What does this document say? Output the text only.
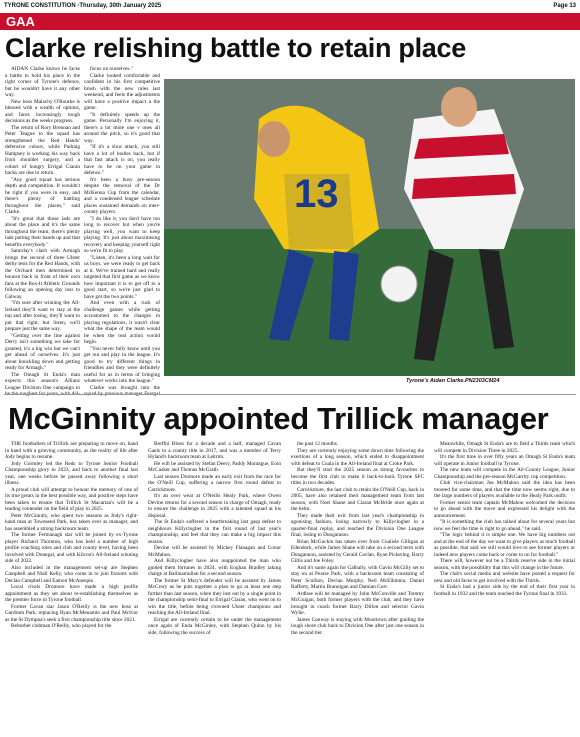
TYRONE CONSTITUTION -Thursday, 30th January 2025	Page 13
GAA
Clarke relishing battle to retain place

AIDAN Clarke knows he faces a battle to hold his place in the right corner of Tyrone's defence, but he wouldn't have it any other way.

New boss Malachy O'Rourke is blessed with a wealth of options, and faces increasingly tough decisions as the weeks progress.

The return of Rory Brennan and Peter Teague to the squad has strengthened the Red Hands' defensive cohort, while Padraig Hampsey is working his way back from shoulder surgery, and a cohort of hungry Errigal Ciaran backs are due to return.

"Any good squad has serious depth and competition. It wouldn't be right if you were in easy, and there's plenty of battling throughout the places," said Clarke.

"It's great that those lads are about the place and it's the same throughout the team, there's plenty lads putting their hands up and that benefits everybody."

Saturday's clash with Armagh brings the second of three Ulster derby tests for the Red Hands, with the Orchard men determined to bounce back in front of their own fans at the Box-It Athletic Grounds following an opening day loss to Galway.

"I'm sure after winning the All-Ireland they'll want to stay at the top and after losing, they'll want to put that right, but listen, we'll prepare just the same way.

"Getting over the line against Derry isn't something we take for granted, it's a big win but we can't get ahead of ourselves. It's just about knuckling down and getting ready for Armagh."

The Omagh St Enda's man expects this season's Allianz League Division One campaign to

focus on ourselves."

Clarke looked comfortable and confident in his first competitive brush with the new rules last weekend, and feels the adjustments will have a positive impact a the game.

"It definitely speeds up the game. Personally I'm enjoying it, there's a lot more one v ones all around the pitch, so it's good that way.

"If it's a slow attack, you still have a lot of bodies back, but if that fast attack is on, you really have to be on your game in defence."

It's been a busy pre-season despite the removal of the Dr McKenna Cup from the calendar, and a condensed league schedule places sustained demands on inter-county players.

"I do like it, you don't have too long to recover but when you're playing well, you want to keep playing. It's just about maximising recovery and keeping yourself right so we're fit to play.

"Listen, it's been a long wait for us boys, we were ready to get back at it. We've trained hard and really targeted that first game as we know how important it is to get off to a good start, so we're just glad to have got the two points."

And even with a rush of challenge games while getting accustomed to the changes in playing regulations, it wasn't clear what the shape of the team would be when the real action would begin.

"You never fully know until you get out and play in the league. It's good to try different things in friendlies and they were definitely useful for us in terms of bringing whatever works into the league."

Clarke was brought into the

13
Tyrone's Aidan Clarke.PN2303CM24
McGinnity appointed Trillick manager

THE footballers of Trillick are preparing to move on, hand in hand with a grieving community, as the reality of life after Jody begins to resume.

Jody Gormley led the Reds to Tyrone Senior Football Championship glory in 2023, and back to another final last year, one weeks before he passed away following a short illness.

A proud club will attempt to honour the memory of one of its true greats in the best possible way, and positive steps have been taken to ensure that Trillick St Macartan's will be a leading contender on the field of play in 2025.

Peter McGinnity, who spent two seasons as Jody's right-hand man at Townsend Park, has taken over as manager, and has assembled a strong backroom team.

The former Fermanagh star will be joined by ex-Tyrone player Richard Thornton, who has held a number of high profile coaching roles and club and county level, having been involved with Donegal, and with Kilcoo's All-Ireland winning side of 2022.

Also included in the management set-up are Stephen Campbell and Niall Kelly, who come in to join fixtures with Declan Campbell and Eamon McAnespie.

Local rivals Dromore have made a high profile appointment as they set about re-establishing themselves as the premier force in Tyrone football.

Former Cavan star Jason O'Reilly is the new boss at Gardrum Park, replacing Ryan McMenamin and Paul McIvor as the St Dympna's seek a first championship title since 2021.

Belturbet clubman O'Reilly, who played for the

Breffni Blues for a decade and a half, managed Cavan Gaels to a county title in 2017, and was a member of Terry Hyland's backroom team at Leitrim.

He will be assisted by Stefan Deery, Paddy Montague, Eoin McCusker and Thomas McGrath.

Last season Dromore made an early exit from the race for the O'Neill Cup, suffering a narrow first round defeat to Carrickmore.

It's an over wear at O'Neills Healy Park, where Owen Devine returns for a second season in charge of Omagh, ready to ensure the challenge in 2025 with a talented squad at his disposal.

The St Enda's suffered a heartbreaking last gasp defeat to neighbours Killyclogher in the first round of last year's championship, and feel that they can make a big impact this season.

Devine will be assisted by Mickey Flanagan and Conor McMahon.

And Killyclogher have also reappointed the man who guided them fortunes in 2024, with Eoghan Bradley taking charge at Ballinamullan for a second season.

The former St Mary's defender will be assisted by James McCrory as he puts together a plan to go at least one step further than last season, when they lost out by a single point in the championship semi-final to Errigal Ciaran, who went on to win the title, before being crowned Ulster champions and reaching the All-Ireland final.

Errigal are currently certain to be under the management once again of Enda McGinley, with Stephen Quinn by his side, following the success of

the past 12 months.

They are currently enjoying some down time following the exertions of a long season, which ended in disappointment with defeat to Cuala in the All-Ireland final at Croke Park.

But they'll start the 2025 season as strong favourites to become the first club to make it back-to-back Tyrone SFC titles in two decades.

Carrickmore, the last club to retain the O'Neill Cup, back in 2005, have also retained their management team from last season, with Noel Shane and Ciaran McBride once again at the helm.

They made their exit from last year's championship in agonising fashion, losing narrowly to Killyclogher in a quarter-final replay, and reached the Division One League final, losing to Dungannon.

Brian McGuckin has taken over from Coalisle Gilligan at Edendork, while James Shane will take on a second term with Dungannon, assisted by Gerald Cavlan, Ryan Pickering, Barry Gillis and Joe Foley.

And it's same again for Galbally, with Gavin McGilly set to stay on at Pearse Park, with a backroom team consisting of Peter Scullion, Declan Murphy, Neil McElhinnia, Daniel Rafferty, Martin Brannigan and Damian Gorr.

Ardboe will be managed by John McConville and Tommy McGuigan, both former players with the club, and they have brought in coach former Barry Dillon and selector Gavin Wylie.

James Conway is staying with Moortown after guiding the lough shore club back to Division One after just one season in the second tier.

Meanwhile, Omagh St Enda's are to field a Thirds team which will compete in Division Three in 2025.

It's the first time in over fifty years an Omagh St Enda's team will operate in Junior football in Tyrone.

The new team will compete in the All-County League, Junior Championship and the pre-season McGarrity cup competition.

Club vice-chairman Joe McMahon said the idea has been mooted for some time, and that the time now seems right, due to the large numbers of players available to the Healy Park outfit.

Former senior team captain McMahon welcomed the decision to go ahead with the move and expressed his delight with the announcement.

"It is something the club has talked about for several years but now we feel the time is right to go ahead," he said.

"The logic behind it is simple one. We have big numbers out and at the end of the day we want to give players as much football as possible, that said we still would love to see former players or indeed new players come back or come to on for football."

There will, however not be a Thirds reserve side in the initial season, with the possibility that this will change in the future.

The club's social media and website have posted a request for new and old faces to get involved with the Thirds.

St Enda's had a junior side by the end of their first year in football in 1932 and the team reached the Tyrone final in 1933.
